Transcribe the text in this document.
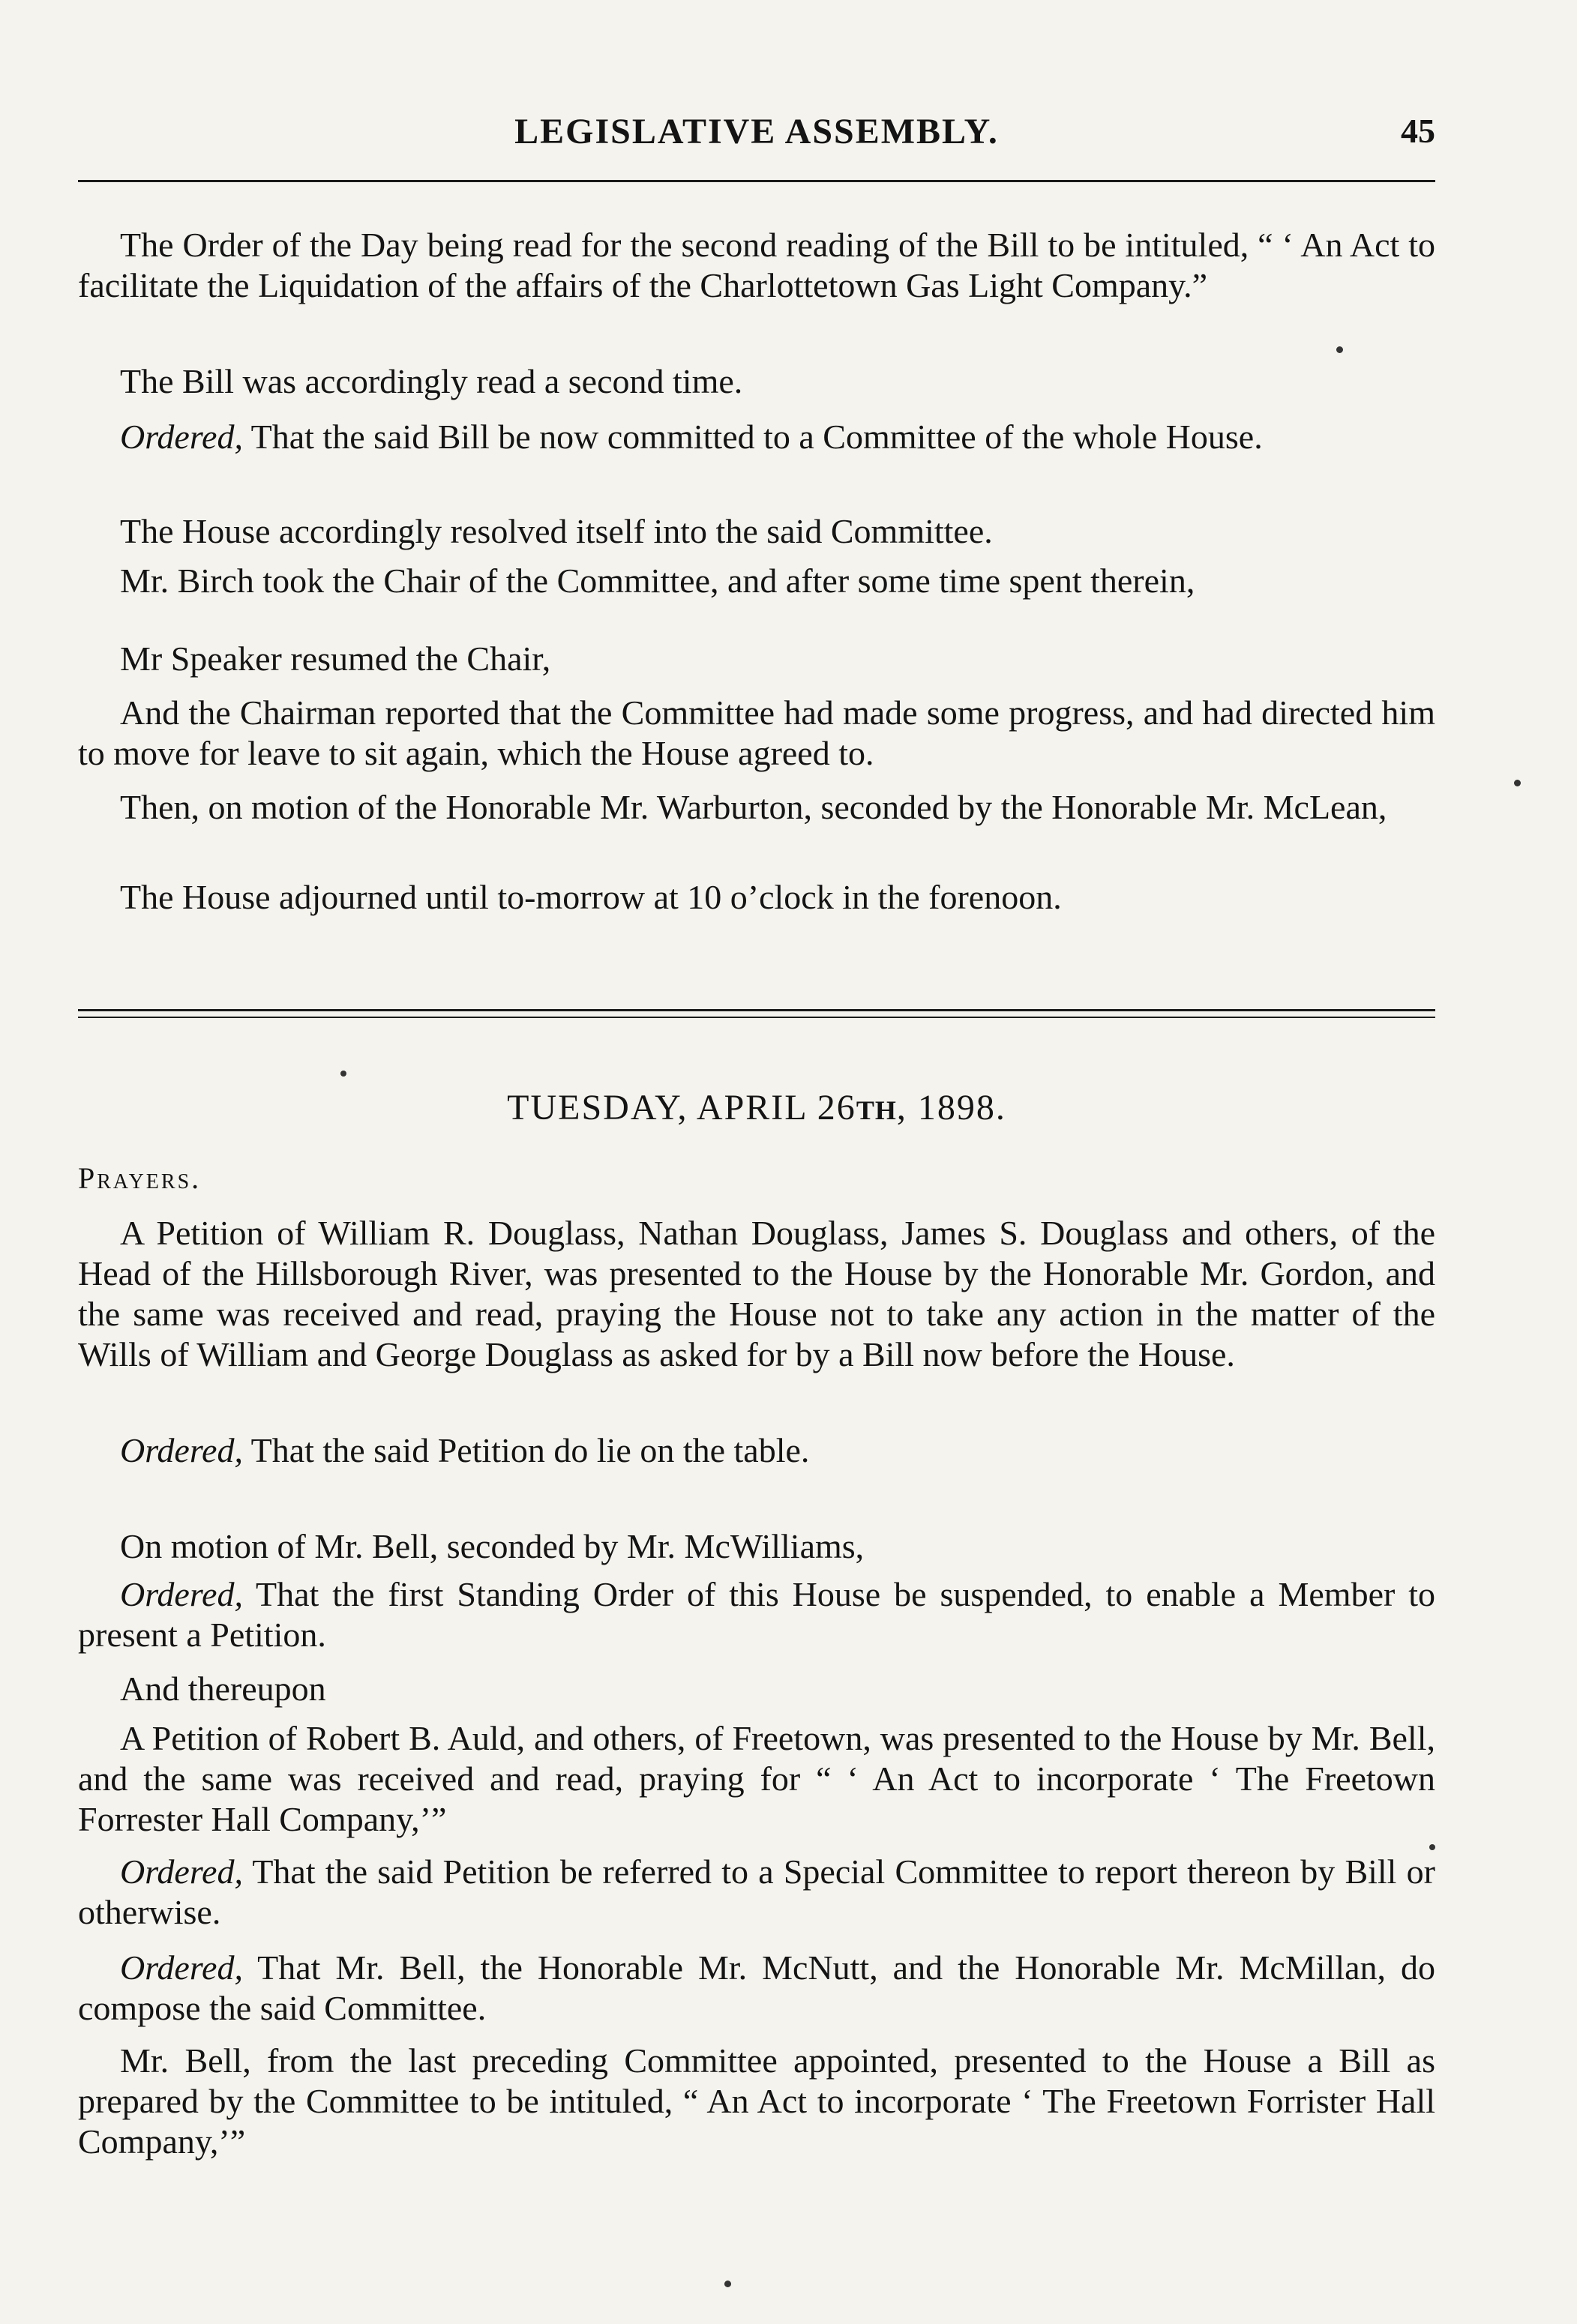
LEGISLATIVE ASSEMBLY.	45

The Order of the Day being read for the second reading of the Bill to be intituled, “ ‘ An Act to facilitate the Liquidation of the affairs of the Charlottetown Gas Light Company.”

The Bill was accordingly read a second time.

Ordered, That the said Bill be now committed to a Committee of the whole House.

The House accordingly resolved itself into the said Committee.

Mr. Birch took the Chair of the Committee, and after some time spent therein,

Mr Speaker resumed the Chair,

And the Chairman reported that the Committee had made some progress, and had directed him to move for leave to sit again, which the House agreed to.

Then, on motion of the Honorable Mr. Warburton, seconded by the Honorable Mr. McLean,

The House adjourned until to-morrow at 10 o’clock in the forenoon.

TUESDAY, APRIL 26TH, 1898.
Prayers.

A Petition of William R. Douglass, Nathan Douglass, James S. Douglass and others, of the Head of the Hillsborough River, was presented to the House by the Honorable Mr. Gordon, and the same was received and read, praying the House not to take any action in the matter of the Wills of William and George Douglass as asked for by a Bill now before the House.

Ordered, That the said Petition do lie on the table.

On motion of Mr. Bell, seconded by Mr. McWilliams,

Ordered, That the first Standing Order of this House be suspended, to enable a Member to present a Petition.

And thereupon

A Petition of Robert B. Auld, and others, of Freetown, was presented to the House by Mr. Bell, and the same was received and read, praying for “ ‘ An Act to incorporate ‘ The Freetown Forrester Hall Company,’”

Ordered, That the said Petition be referred to a Special Committee to report thereon by Bill or otherwise.

Ordered, That Mr. Bell, the Honorable Mr. McNutt, and the Honorable Mr. McMillan, do compose the said Committee.

Mr. Bell, from the last preceding Committee appointed, presented to the House a Bill as prepared by the Committee to be intituled, “ An Act to incorporate ‘ The Freetown Forrister Hall Company,’”
